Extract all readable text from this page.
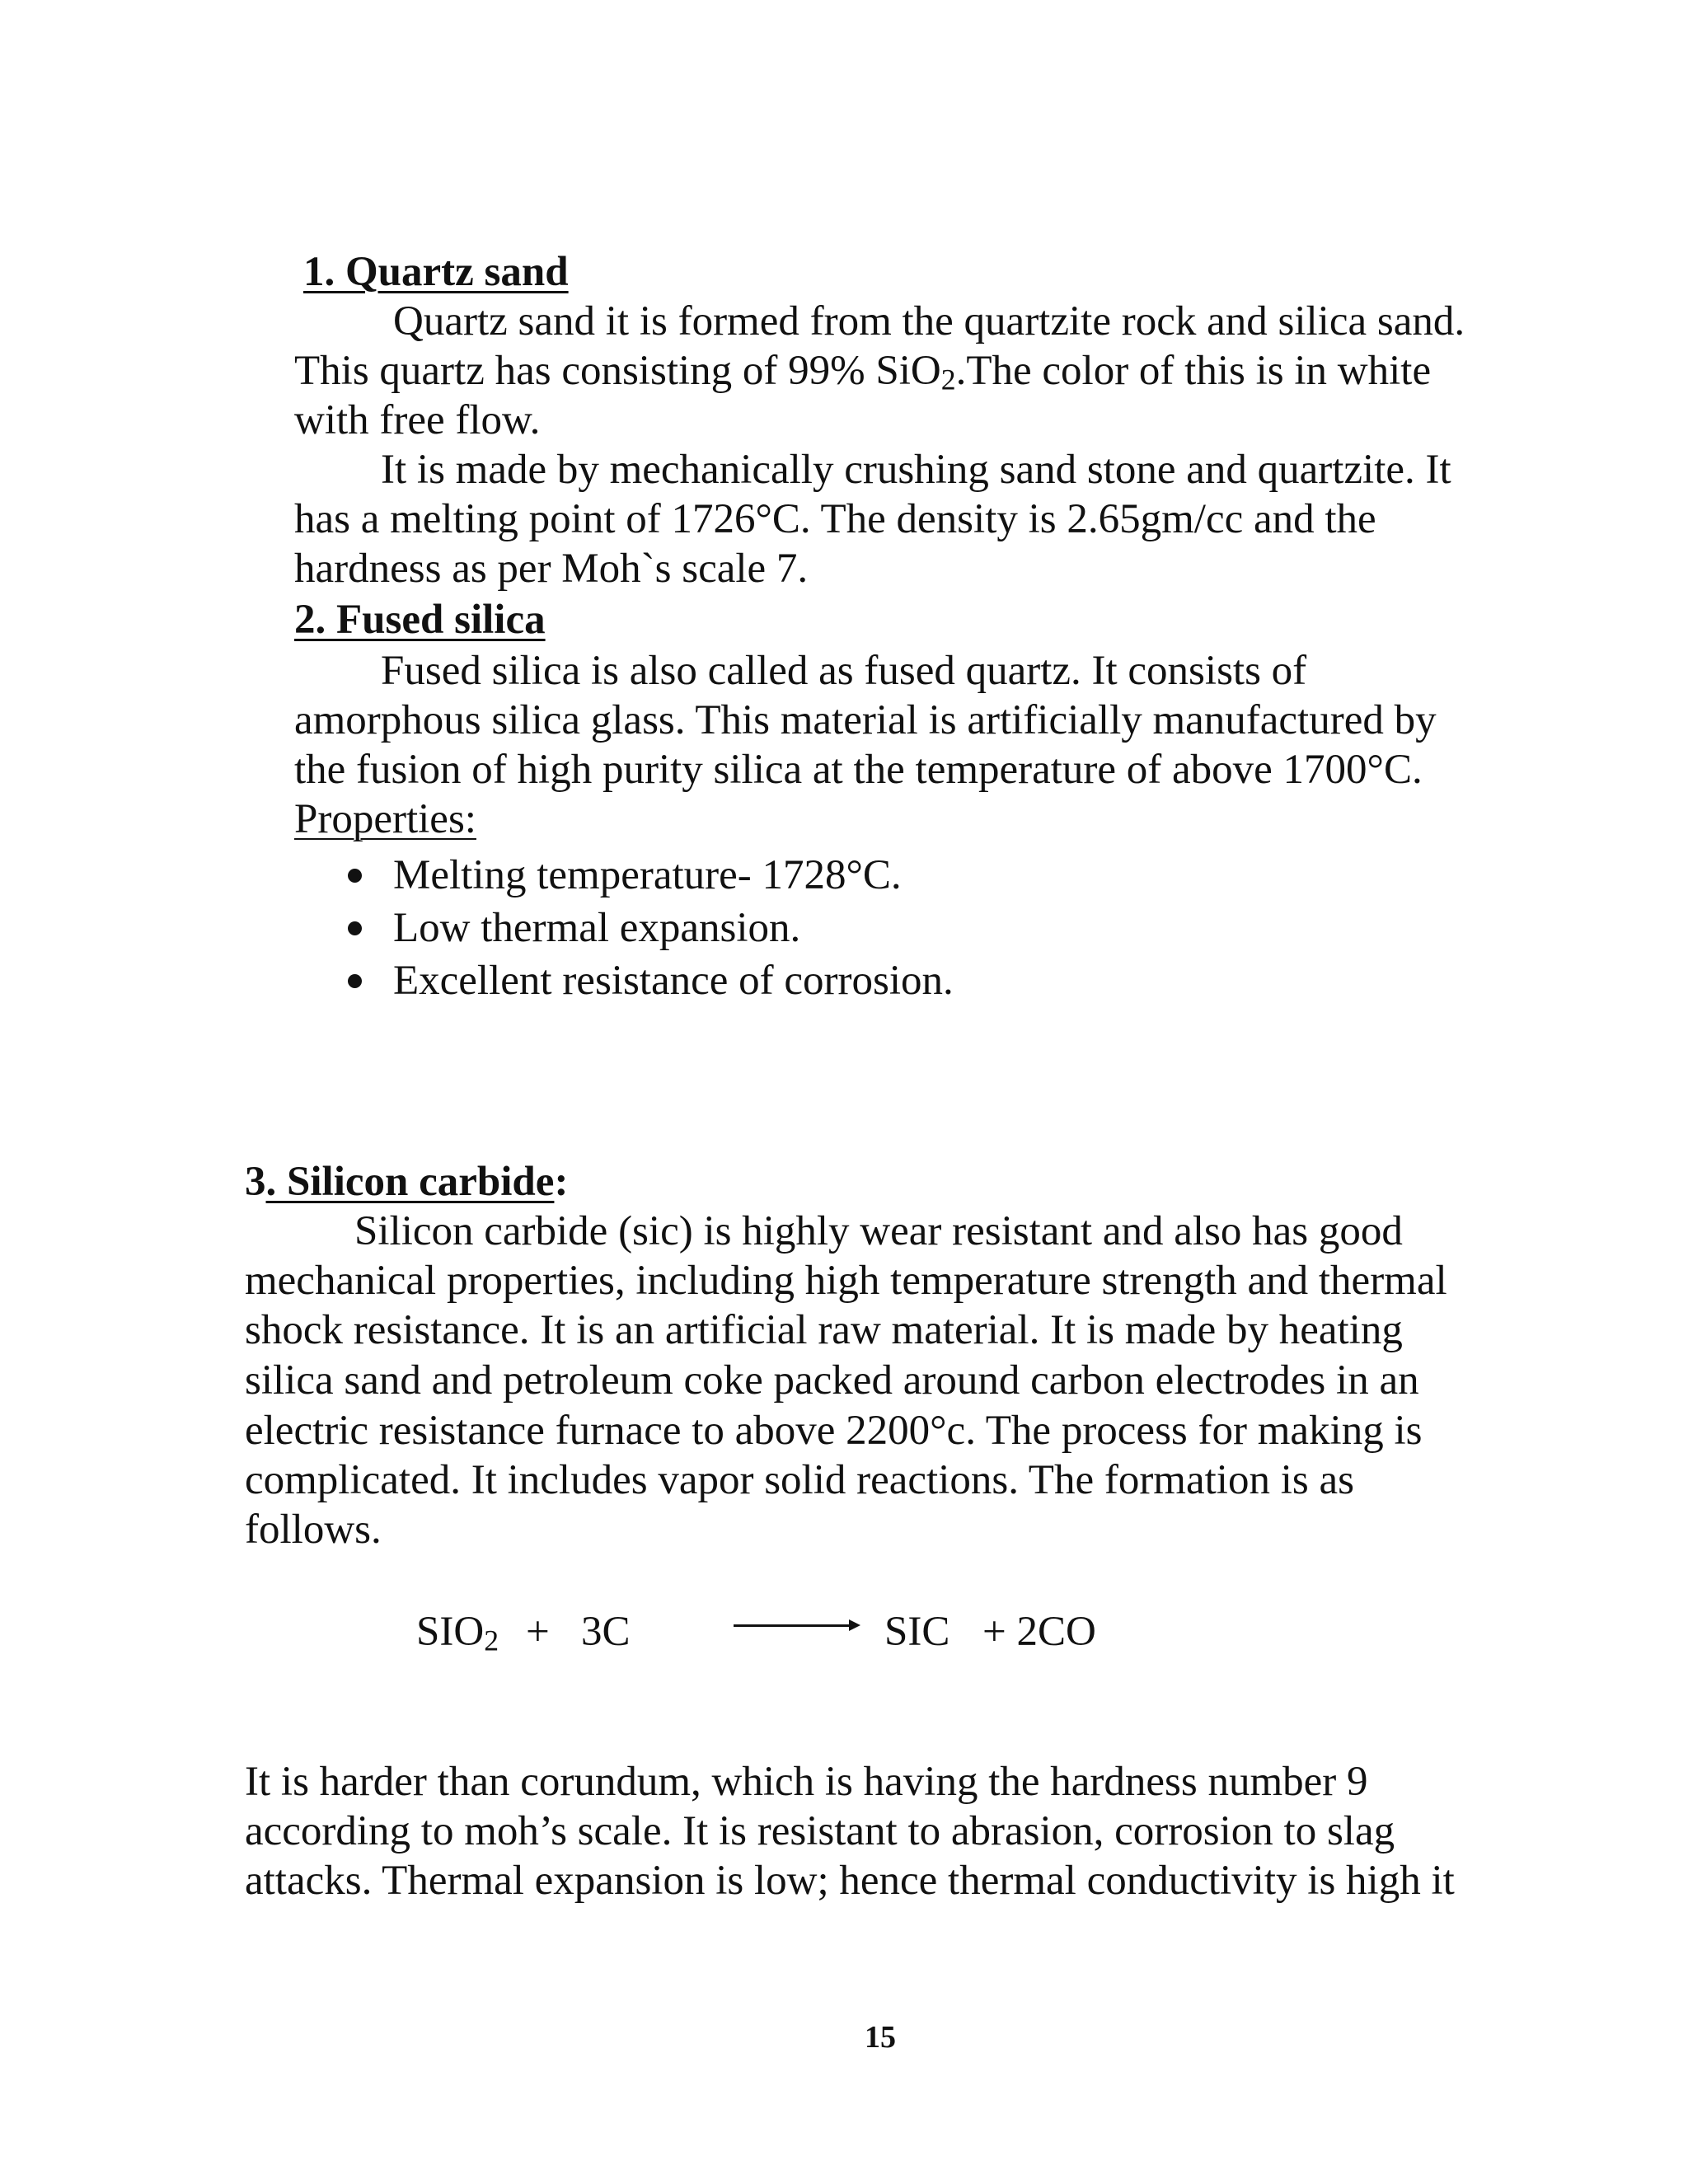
1. Quartz sand
Quartz sand it is formed from the quartzite rock and silica sand.
This quartz has consisting of 99% SiO$_2$.The color of this is in white
with free flow.
It is made by mechanically crushing sand stone and quartzite. It
has a melting point of 1726°C. The density is 2.65gm/cc and the
hardness as per Moh`s scale 7.
2. Fused silica
Fused silica is also called as fused quartz. It consists of
amorphous silica glass. This material is artificially manufactured by
the fusion of high purity silica at the temperature of above 1700°C.
Properties:
Melting temperature- 1728°C.
Low thermal expansion.
Excellent resistance of corrosion.
3. Silicon carbide:
Silicon carbide (sic) is highly wear resistant and also has good
mechanical properties, including high temperature strength and thermal
shock resistance. It is an artificial raw material. It is made by heating
silica sand and petroleum coke packed around carbon electrodes in an
electric resistance furnace to above 2200°c. The process for making is
complicated. It includes vapor solid reactions. The formation is as
follows.
$SIO_2 + 3C$	SIC + 2CO
It is harder than corundum, which is having the hardness number 9
according to moh’s scale. It is resistant to abrasion, corrosion to slag
attacks. Thermal expansion is low; hence thermal conductivity is high it
15
